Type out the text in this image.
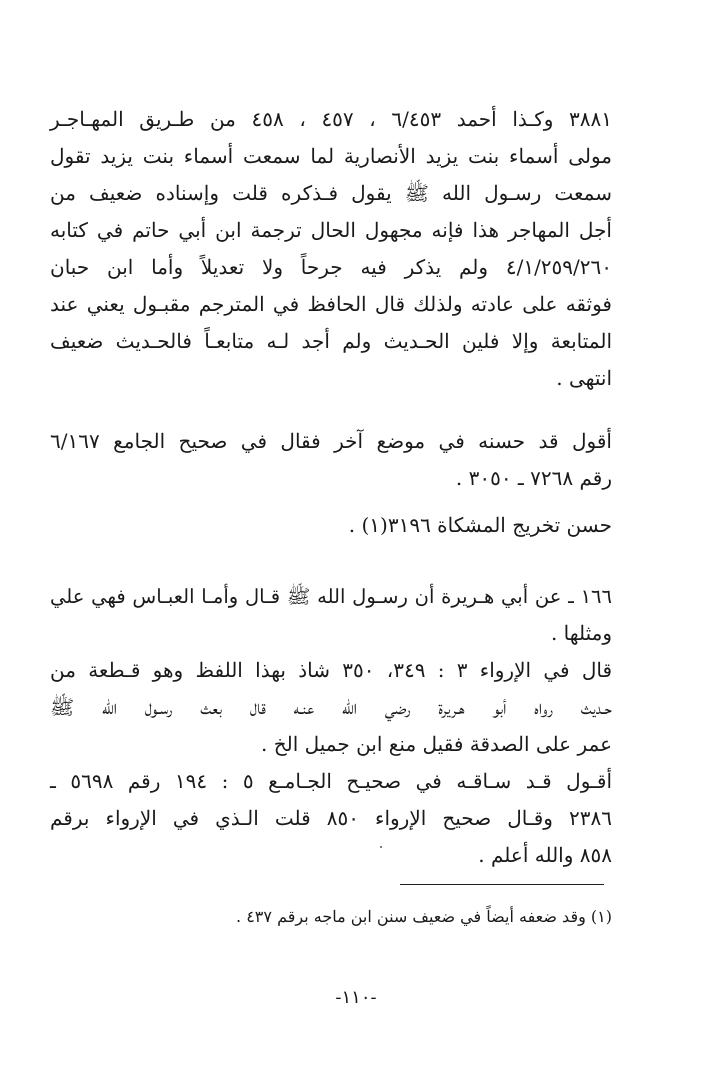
٣٨٨١ وكـذا أحمد ٦/٤٥٣ ، ٤٥٧ ، ٤٥٨ من طـريق المهـاجـر
مولى أسماء بنت يزيد الأنصارية لما سمعت أسماء بنت يزيد تقول
سمعت رسـول الله ﷺ يقول فـذكره قلت وإسناده ضعيف من
أجل المهاجر هذا فإنه مجهول الحال ترجمة ابن أبي حاتم في كتابه
٤/١/٢٥٩/٢٦٠ ولم يذكر فيه جرحاً ولا تعديلاً وأما ابن حبان
فوثقه على عادته ولذلك قال الحافظ في المترجم مقبـول يعني عند
المتابعة وإلا فلين الحـديث ولم أجد لـه متابعـاً فالحـديث ضعيف
انتهى .
أقول قد حسنه في موضع آخر فقال في صحيح الجامع ٦/١٦٧
رقم ٧٢٦٨ ـ ٣٠٥٠ .
حسن تخريج المشكاة ٣١٩٦(١) .
١٦٦ ـ عن أبي هـريرة أن رسـول الله ﷺ قـال وأمـا العبـاس فهي علي
ومثلها .
قال في الإرواء ٣ : ٣٤٩، ٣٥٠ شاذ بهذا اللفظ وهو قـطعة من
حـديث رواه أبو هـريرة رضي الله عنـه قال بعث رسـول الله ﷺ
عمر على الصدقة فقيل منع ابن جميل الخ .
أقـول قـد سـاقـه في صحيـح الجـامـع ٥ : ١٩٤ رقم ٥٦٩٨ ـ
٢٣٨٦ وقـال صحيح الإرواء ٨٥٠ قلت الـذي في الإرواء برقم
٨٥٨ والله أعلم .
(١) وقد ضعفه أيضاً في ضعيف سنن ابن ماجه برقم ٤٣٧ .
-١١٠-
